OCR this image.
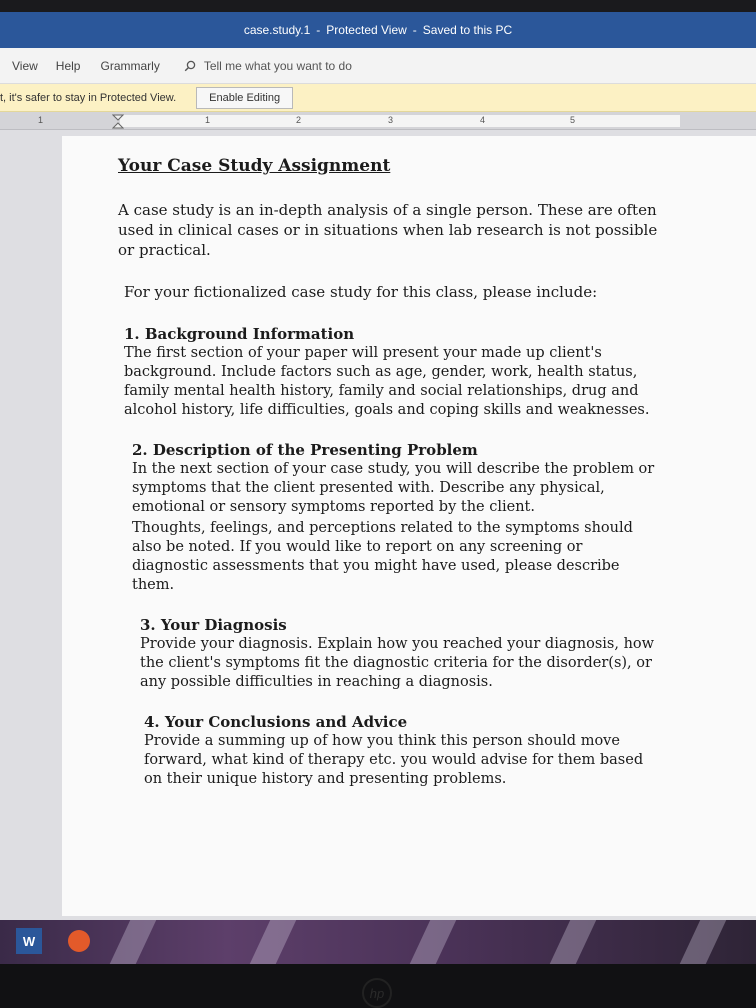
case.study.1 - Protected View - Saved to this PC
View Help Grammarly	Tell me what you want to do
t, it's safer to stay in Protected View.	Enable Editing
1	1	2	3	4	5
Your Case Study Assignment
A case study is an in-depth analysis of a single person. These are often used in clinical cases or in situations when lab research is not possible or practical.
For your fictionalized case study for this class, please include:
1. Background Information
The first section of your paper will present your made up client's background. Include factors such as age, gender, work, health status, family mental health history, family and social relationships, drug and alcohol history, life difficulties, goals and coping skills and weaknesses.
2. Description of the Presenting Problem
In the next section of your case study, you will describe the problem or symptoms that the client presented with. Describe any physical, emotional or sensory symptoms reported by the client.
Thoughts, feelings, and perceptions related to the symptoms should also be noted. If you would like to report on any screening or diagnostic assessments that you might have used, please describe them.
3. Your Diagnosis
Provide your diagnosis. Explain how you reached your diagnosis, how the client's symptoms fit the diagnostic criteria for the disorder(s), or any possible difficulties in reaching a diagnosis.
4. Your Conclusions and Advice
Provide a summing up of how you think this person should move forward, what kind of therapy etc. you would advise for them based on their unique history and presenting problems.
W
hp
